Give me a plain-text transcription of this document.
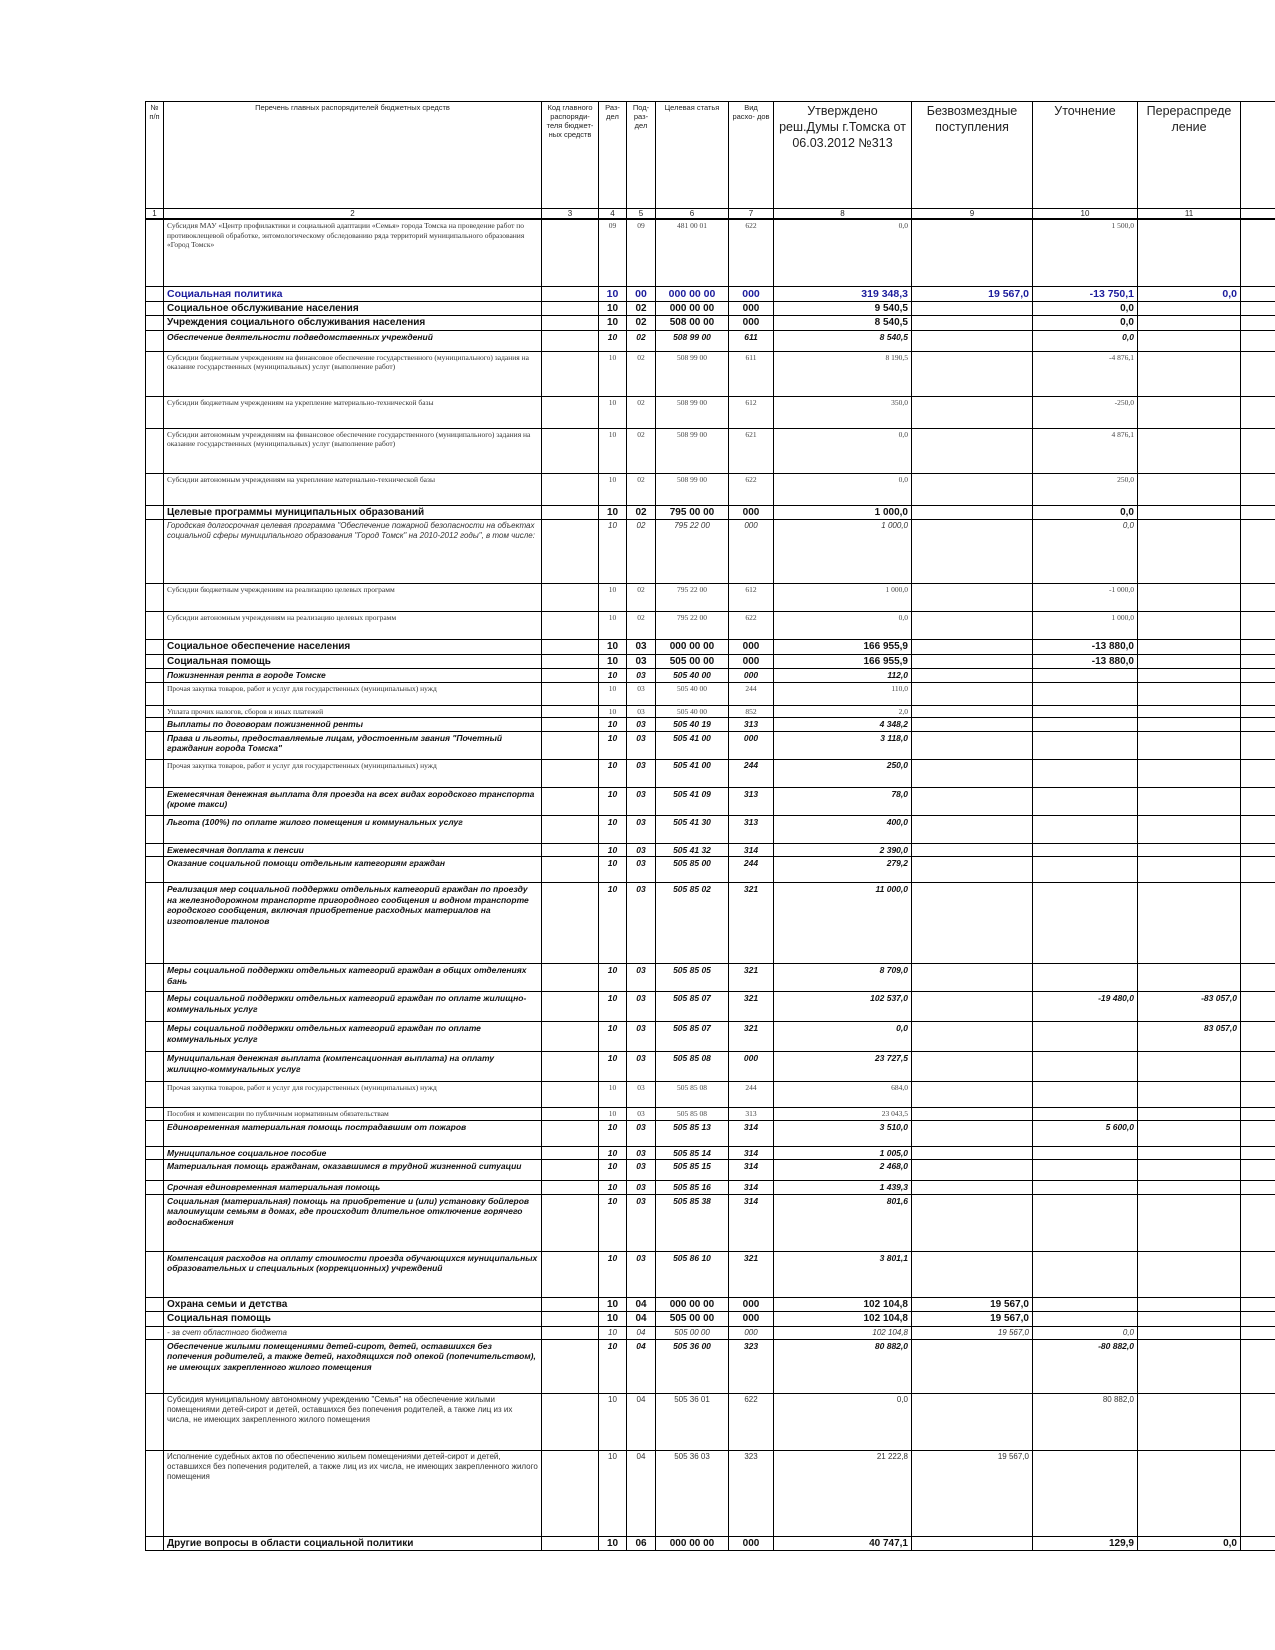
№ п/п	Перечень главных распорядителей бюджетных средств	Код главного распоряди- теля бюджет- ных средств	Раз- дел	Под- раз- дел	Целевая статья	Вид расхо- дов	Утверждено реш.Думы г.Томска от 06.03.2012 №313	Безвозмездные поступления	Уточнение	Перераспреде ление	
1	2	3	4	5	6	7	8	9	10	11	
	Субсидия МАУ «Центр профилактики и социальной адаптации «Семья» города Томска на проведение работ по противоклещевой обработке, энтомологическому обследованию ряда территорий муниципального образования «Город Томск»		09	09	481 00 01	622	0,0		1 500,0		
	Социальная политика		10	00	000 00 00	000	319 348,3	19 567,0	-13 750,1	0,0	
	Социальное обслуживание населения		10	02	000 00 00	000	9 540,5		0,0		
	Учреждения социального обслуживания населения		10	02	508 00 00	000	8 540,5		0,0		
	Обеспечение деятельности подведомственных учреждений		10	02	508 99 00	611	8 540,5		0,0		
	Субсидии бюджетным учреждениям на финансовое обеспечение государственного (муниципального) задания на оказание государственных (муниципальных) услуг (выполнение работ)		10	02	508 99 00	611	8 190,5		-4 876,1		
	Субсидии бюджетным учреждениям на укрепление материально-технической базы		10	02	508 99 00	612	350,0		-250,0		
	Субсидии автономным учреждениям на финансовое обеспечение государственного (муниципального) задания на оказание государственных (муниципальных) услуг (выполнение работ)		10	02	508 99 00	621	0,0		4 876,1		
	Субсидии автономным учреждениям на укрепление материально-технической базы		10	02	508 99 00	622	0,0		250,0		
	Целевые программы муниципальных образований		10	02	795 00 00	000	1 000,0		0,0		
	Городская долгосрочная целевая программа "Обеспечение пожарной безопасности на объектах социальной сферы муниципального образования "Город Томск" на 2010-2012 годы", в том числе:		10	02	795 22 00	000	1 000,0		0,0		
	Субсидии бюджетным учреждениям на реализацию целевых программ		10	02	795 22 00	612	1 000,0		-1 000,0		
	Субсидии автономным учреждениям на реализацию целевых программ		10	02	795 22 00	622	0,0		1 000,0		
	Социальное обеспечение населения		10	03	000 00 00	000	166 955,9		-13 880,0		
	Социальная помощь		10	03	505 00 00	000	166 955,9		-13 880,0		
	Пожизненная рента в городе Томске		10	03	505 40 00	000	112,0				
	Прочая закупка товаров, работ и услуг для государственных (муниципальных) нужд		10	03	505 40 00	244	110,0				
	Уплата прочих налогов, сборов и иных платежей		10	03	505 40 00	852	2,0				
	Выплаты по договорам пожизненной ренты		10	03	505 40 19	313	4 348,2				
	Права и льготы, предоставляемые лицам, удостоенным звания "Почетный гражданин города Томска"		10	03	505 41 00	000	3 118,0				
	Прочая закупка товаров, работ и услуг для государственных (муниципальных) нужд		10	03	505 41 00	244	250,0				
	Ежемесячная денежная выплата для проезда на всех видах городского транспорта (кроме такси)		10	03	505 41 09	313	78,0				
	Льгота (100%) по оплате жилого помещения и коммунальных услуг		10	03	505 41 30	313	400,0				
	Ежемесячная доплата к пенсии		10	03	505 41 32	314	2 390,0				
	Оказание социальной помощи отдельным категориям граждан		10	03	505 85 00	244	279,2				
	Реализация мер социальной поддержки отдельных категорий граждан по проезду на железнодорожном транспорте пригородного сообщения и водном транспорте городского сообщения, включая приобретение расходных материалов на изготовление талонов		10	03	505 85 02	321	11 000,0				
	Меры социальной поддержки отдельных категорий граждан в общих отделениях бань		10	03	505 85 05	321	8 709,0				
	Меры социальной поддержки отдельных категорий граждан по оплате жилищно-коммунальных услуг		10	03	505 85 07	321	102 537,0		-19 480,0	-83 057,0	
	Меры социальной поддержки отдельных категорий граждан по оплате коммунальных услуг		10	03	505 85 07	321	0,0			83 057,0	
	Муниципальная денежная выплата (компенсационная выплата) на оплату жилищно-коммунальных услуг		10	03	505 85 08	000	23 727,5				
	Прочая закупка товаров, работ и услуг для государственных (муниципальных) нужд		10	03	505 85 08	244	684,0				
	Пособия и компенсации по публичным нормативным обязательствам		10	03	505 85 08	313	23 043,5				
	Единовременная материальная помощь пострадавшим от пожаров		10	03	505 85 13	314	3 510,0		5 600,0		
	Муниципальное социальное пособие		10	03	505 85 14	314	1 005,0				
	Материальная помощь гражданам, оказавшимся в трудной жизненной ситуации		10	03	505 85 15	314	2 468,0				
	Срочная единовременная материальная помощь		10	03	505 85 16	314	1 439,3				
	Социальная (материальная) помощь на приобретение и (или) установку бойлеров малоимущим семьям в домах, где происходит длительное отключение горячего водоснабжения		10	03	505 85 38	314	801,6				
	Компенсация расходов на оплату стоимости проезда обучающихся муниципальных образовательных и специальных (коррекционных) учреждений		10	03	505 86 10	321	3 801,1				
	Охрана семьи и детства		10	04	000 00 00	000	102 104,8	19 567,0			
	Социальная помощь		10	04	505 00 00	000	102 104,8	19 567,0			
	- за счет областного бюджета		10	04	505 00 00	000	102 104,8	19 567,0	0,0		
	Обеспечение жилыми помещениями детей-сирот, детей, оставшихся без попечения родителей, а также детей, находящихся под опекой (попечительством), не имеющих закрепленного жилого помещения		10	04	505 36 00	323	80 882,0		-80 882,0		
	Субсидия муниципальному автономному учреждению "Семья" на обеспечение жилыми помещениями детей-сирот и детей, оставшихся без попечения родителей, а также лиц из их числа, не имеющих закрепленного жилого помещения		10	04	505 36 01	622	0,0		80 882,0		
	Исполнение судебных актов по обеспечению жильем помещениями детей-сирот и детей, оставшихся без попечения родителей, а также лиц из их числа, не имеющих закрепленного жилого помещения		10	04	505 36 03	323	21 222,8	19 567,0			
	Другие вопросы в области социальной политики		10	06	000 00 00	000	40 747,1		129,9	0,0	
